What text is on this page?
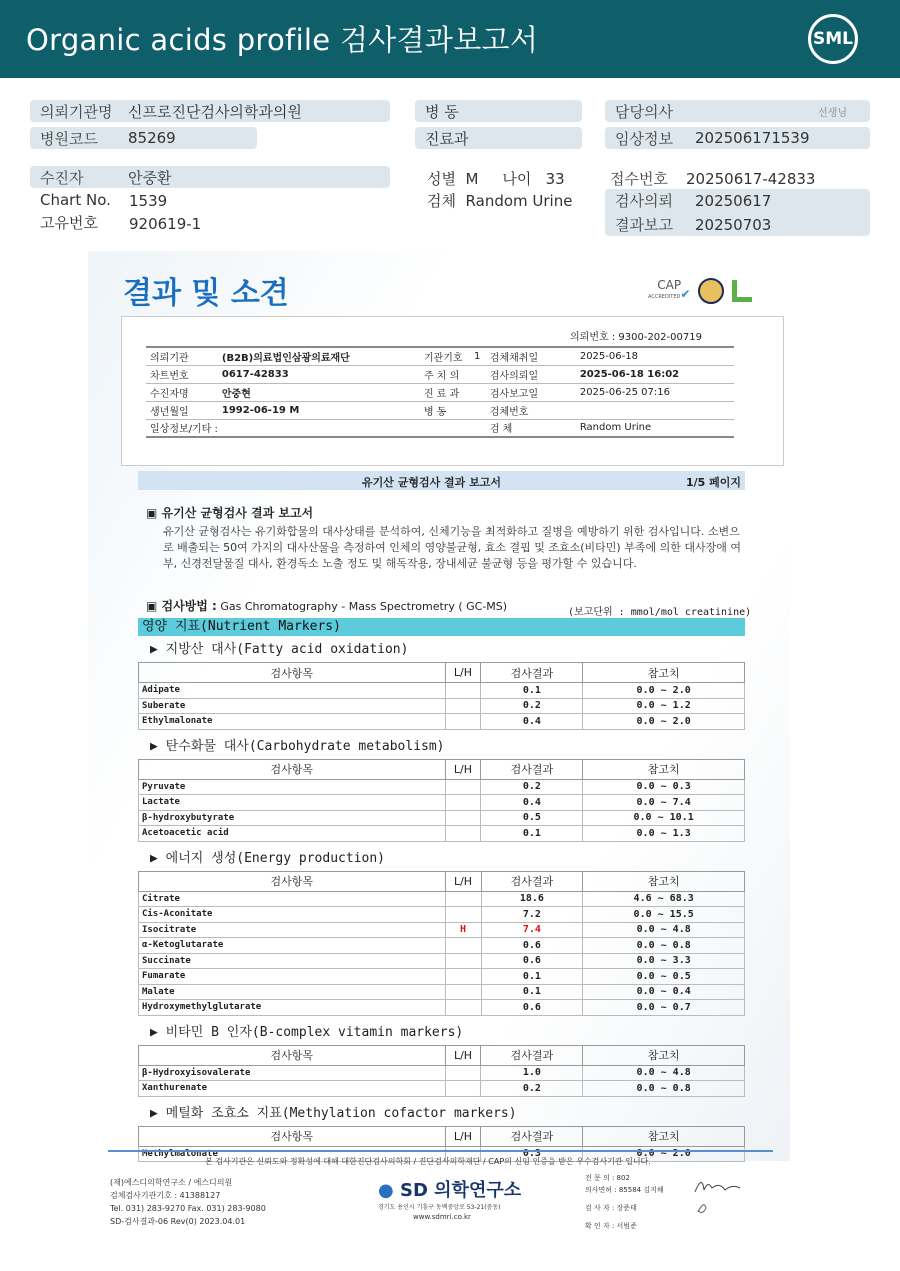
Organic acids profile 검사결과보고서	SML
의뢰기관명	신프로진단검사의학과의원
병원코드	85269
병 동
진료과
담당의사	선생님
임상정보	202506171539
수진자	안중환
Chart No. 1539
고유번호 920619-1
성별 M 나이 33
검체 Random Urine
접수번호 20250617-42833
검사의뢰 20250617
결과보고 20250703
결과 및 소견	CAP
ACCREDITED✔
의뢰번호 : 9300-202-00719
의뢰기관	(B2B)의료법인삼광의료재단	기관기호	1	검체채취일	2025-06-18
차트번호	0617-42833	주 치 의		검사의뢰일	2025-06-18 16:02
수진자명	안중현	진 료 과		검사보고일	2025-06-25 07:16
생년월일	1992-06-19 M	병 동		검체번호	
일상정보/기타 :				검 체	Random Urine
유기산 균형검사 결과 보고서	1/5 페이지
▣ 유기산 균형검사 결과 보고서
유기산 균형검사는 유기화합물의 대사상태를 분석하여, 신체기능을 최적화하고 질병을 예방하기 위한 검사입니다. 소변으로 배출되는 50여 가지의 대사산물을 측정하여 인체의 영양불균형, 효소 결핍 및 조효소(비타민) 부족에 의한 대사장애 여부, 신경전달물질 대사, 환경독소 노출 정도 및 해독작용, 장내세균 불균형 등을 평가할 수 있습니다.
▣ 검사방법 : Gas Chromatography - Mass Spectrometry ( GC-MS)	(보고단위 : mmol/mol creatinine)
영양 지표(Nutrient Markers)
▶ 지방산 대사(Fatty acid oxidation)
검사항목	L/H	검사결과	참고치
Adipate		0.1	0.0 ~ 2.0
Suberate		0.2	0.0 ~ 1.2
Ethylmalonate		0.4	0.0 ~ 2.0
▶ 탄수화물 대사(Carbohydrate metabolism)
검사항목	L/H	검사결과	참고치
Pyruvate		0.2	0.0 ~ 0.3
Lactate		0.4	0.0 ~ 7.4
β-hydroxybutyrate		0.5	0.0 ~ 10.1
Acetoacetic acid		0.1	0.0 ~ 1.3
▶ 에너지 생성(Energy production)
검사항목	L/H	검사결과	참고치
Citrate		18.6	4.6 ~ 68.3
Cis-Aconitate		7.2	0.0 ~ 15.5
Isocitrate	H	7.4	0.0 ~ 4.8
α-Ketoglutarate		0.6	0.0 ~ 0.8
Succinate		0.6	0.0 ~ 3.3
Fumarate		0.1	0.0 ~ 0.5
Malate		0.1	0.0 ~ 0.4
Hydroxymethylglutarate		0.6	0.0 ~ 0.7
▶ 비타민 B 인자(B-complex vitamin markers)
검사항목	L/H	검사결과	참고치
β-Hydroxyisovalerate		1.0	0.0 ~ 4.8
Xanthurenate		0.2	0.0 ~ 0.8
▶ 메틸화 조효소 지표(Methylation cofactor markers)
검사항목	L/H	검사결과	참고치
Methylmalonate		0.3	0.0 ~ 2.0
본 검사기관은 신뢰도와 정확성에 대해 대한진단검사의학회 / 진단검사의학재단 / CAP의 신임 인증을 받은 우수검사기관 입니다.
(재)에스디의학연구소 / 에스디의원
검체검사기관기호 : 41388127
Tel. 031) 283-9270 Fax. 031) 283-9080
SD-검사결과-06 Rev(0) 2023.04.01
● SD 의학연구소
경기도 용인시 기흥구 동백중앙로 53-21(중동)
www.sdmri.co.kr
전 문 의 : 802
의사면허 : 85584 김지혜
검 사 자 : 장준태
확 인 자 : 서범준
